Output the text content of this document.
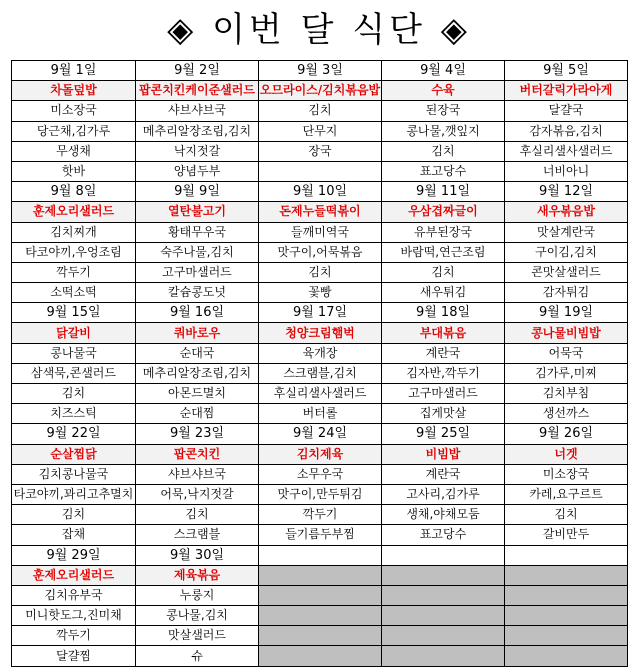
◈ 이번 달 식단 ◈
9월 1일	9월 2일	9월 3일	9월 4일	9월 5일
차돌덮밥	팝콘치킨케이준샐러드	오므라이스/김치볶음밥	수육	버터갈릭가라아게
미소장국	샤브샤브국	김치	된장국	달걀국
당근채,김가루	메추리알장조림,김치	단무지	콩나물,깻잎지	감자볶음,김치
무생채	낙지젓갈	장국	김치	후실리샐사샐러드
핫바	양념두부		표고당수	너비아니
9월 8일	9월 9일	9월 10일	9월 11일	9월 12일
훈제오리샐러드	열탄불고기	돈제누들떡볶이	우삼겹짜글이	새우볶음밥
김치찌개	황태무우국	들깨미역국	유부된장국	맛살계란국
타코야끼,우엉조림	숙주나물,김치	맛구이,어묵볶음	바람떡,연근조림	구이김,김치
깍두기	고구마샐러드	김치	김치	콘맛살샐러드
소떡소떡	칼슘콩도넛	꽃빵	새우튀김	감자튀김
9월 15일	9월 16일	9월 17일	9월 18일	9월 19일
닭갈비	쿼바로우	청양크림햄벅	부대볶음	콩나물비빔밥
콩나물국	순대국	육개장	계란국	어묵국
삼색묵,콘샐러드	메추리알장조림,김치	스크램블,김치	김자반,깍두기	김가루,미찌
김치	아몬드멸치	후실리샐사샐러드	고구마샐러드	김치부침
치즈스틱	순대찜	버터롤	집게맛살	생선까스
9월 22일	9월 23일	9월 24일	9월 25일	9월 26일
순살찜닭	팝콘치킨	김치제육	비빔밥	너겟
김치콩나물국	샤브샤브국	소무우국	계란국	미소장국
타코야끼,꽈리고추멸치	어묵,낙지젓갈	맛구이,만두튀김	고사리,김가루	카레,요구르트
김치	김치	깍두기	생채,야채모둠	김치
잡채	스크램블	들기름두부찜	표고당수	갈비만두
9월 29일	9월 30일			
훈제오리샐러드	제육볶음			
김치유부국	누룽지			
미니핫도그,진미채	콩나물,김치			
깍두기	맛살샐러드			
달걀찜	슈			
